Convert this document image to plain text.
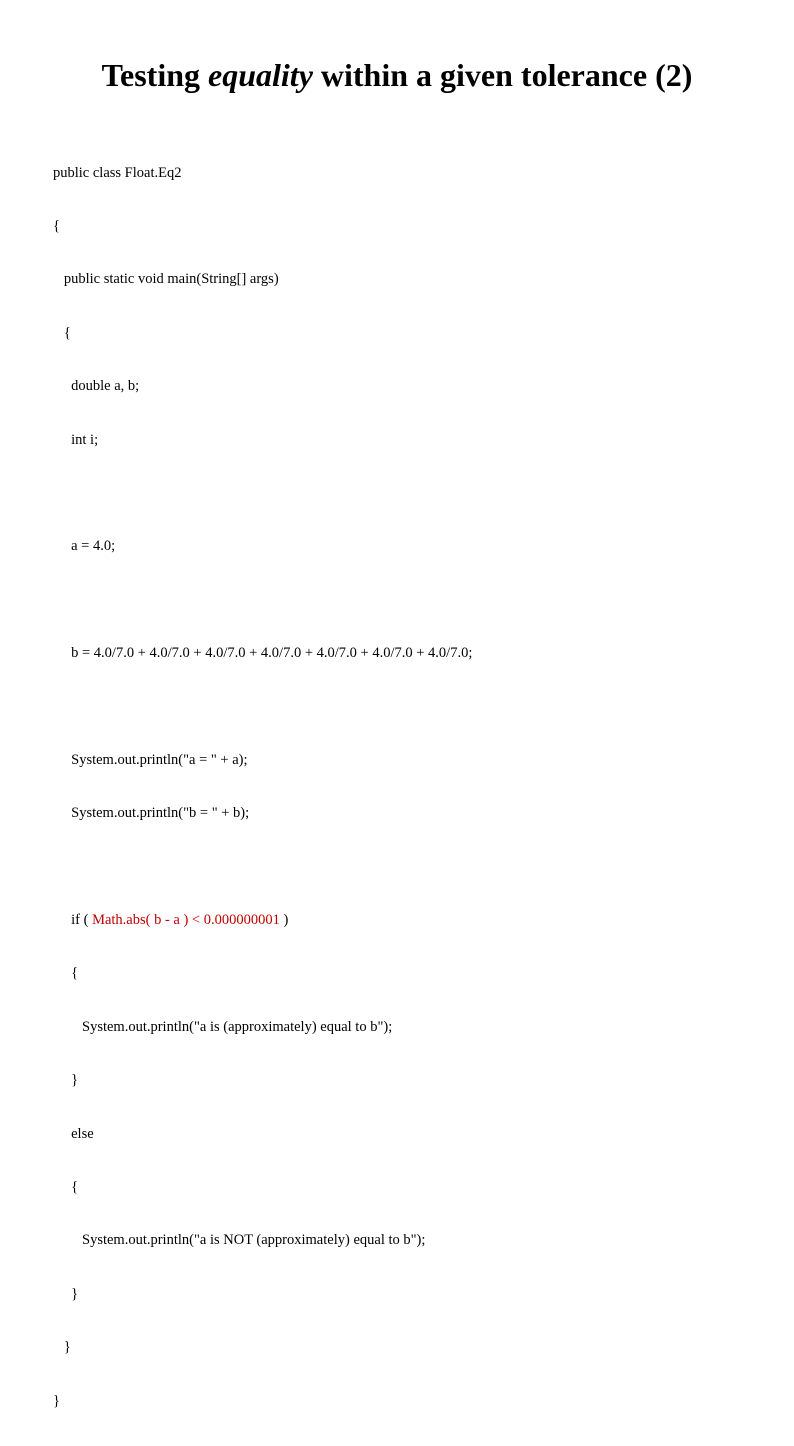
Testing equality within a given tolerance (2)

public class Float.Eq2

{

public static void main(String[] args)

{

double a, b;

int i;

a = 4.0;

b = 4.0/7.0 + 4.0/7.0 + 4.0/7.0 + 4.0/7.0 + 4.0/7.0 + 4.0/7.0 + 4.0/7.0;

System.out.println("a = " + a);

System.out.println("b = " + b);

if ( Math.abs( b - a ) < 0.000000001 )

{

System.out.println("a is (approximately) equal to b");

}

else

{

System.out.println("a is NOT (approximately) equal to b");

}

}

}
